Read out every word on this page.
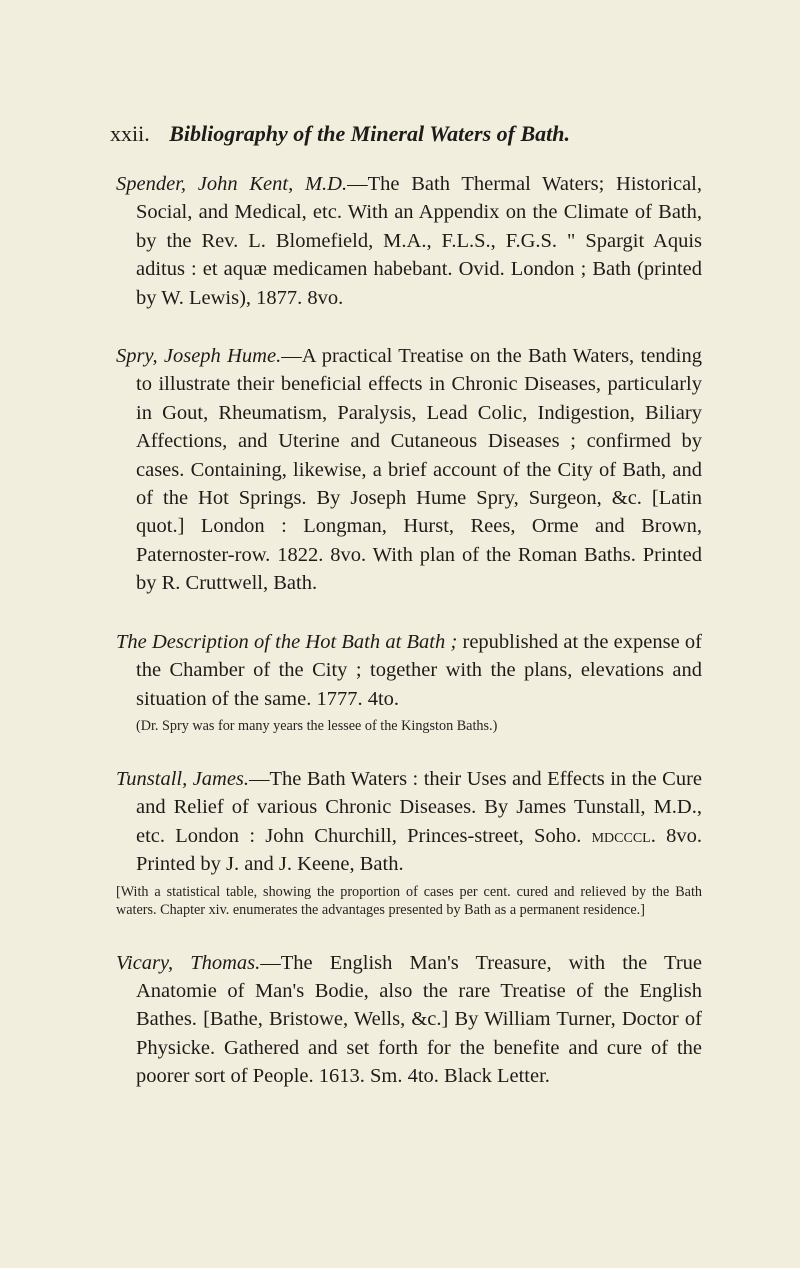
xxii. Bibliography of the Mineral Waters of Bath.

Spender, John Kent, M.D.—The Bath Thermal Waters; Historical, Social, and Medical, etc. With an Appendix on the Climate of Bath, by the Rev. L. Blomefield, M.A., F.L.S., F.G.S. " Spargit Aquis aditus : et aquæ medicamen habebant. Ovid. London ; Bath (printed by W. Lewis), 1877. 8vo.

Spry, Joseph Hume.—A practical Treatise on the Bath Waters, tending to illustrate their beneficial effects in Chronic Diseases, particularly in Gout, Rheumatism, Paralysis, Lead Colic, Indigestion, Biliary Affections, and Uterine and Cutaneous Diseases ; confirmed by cases. Containing, likewise, a brief account of the City of Bath, and of the Hot Springs. By Joseph Hume Spry, Surgeon, &c. [Latin quot.] London : Longman, Hurst, Rees, Orme and Brown, Paternoster-row. 1822. 8vo. With plan of the Roman Baths. Printed by R. Cruttwell, Bath.

The Description of the Hot Bath at Bath ; republished at the expense of the Chamber of the City ; together with the plans, elevations and situation of the same. 1777. 4to.

(Dr. Spry was for many years the lessee of the Kingston Baths.)

Tunstall, James.—The Bath Waters : their Uses and Effects in the Cure and Relief of various Chronic Diseases. By James Tunstall, M.D., etc. London : John Churchill, Princes-street, Soho. mdcccl. 8vo. Printed by J. and J. Keene, Bath.

[With a statistical table, showing the proportion of cases per cent. cured and relieved by the Bath waters. Chapter xiv. enumerates the advantages presented by Bath as a permanent residence.]

Vicary, Thomas.—The English Man's Treasure, with the True Anatomie of Man's Bodie, also the rare Treatise of the English Bathes. [Bathe, Bristowe, Wells, &c.] By William Turner, Doctor of Physicke. Gathered and set forth for the benefite and cure of the poorer sort of People. 1613. Sm. 4to. Black Letter.
